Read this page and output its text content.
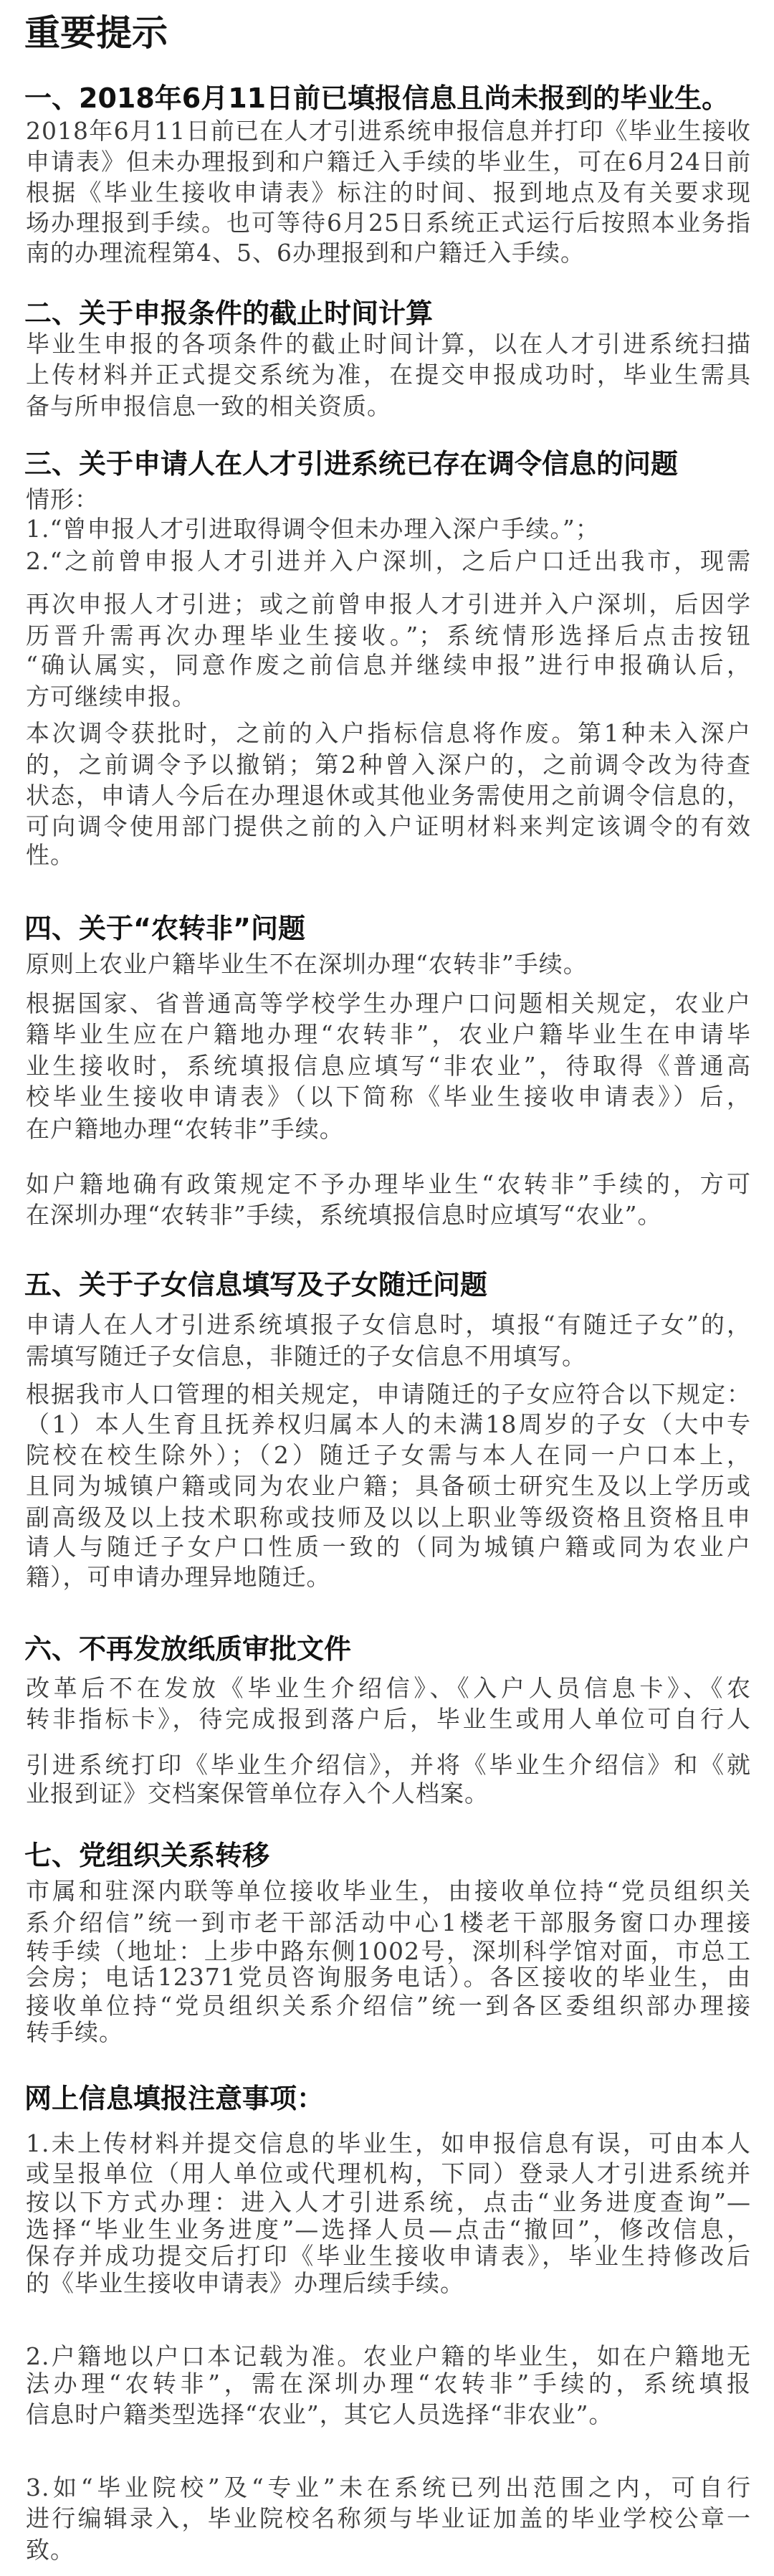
重要提示
一、2018年6月11日前已填报信息且尚未报到的毕业生。
2018年6月11日前已在人才引进系统申报信息并打印《毕业生接收
申请表》但未办理报到和户籍迁入手续的毕业生，可在6月24日前
根据《毕业生接收申请表》标注的时间、报到地点及有关要求现
场办理报到手续。也可等待6月25日系统正式运行后按照本业务指
南的办理流程第4、5、6办理报到和户籍迁入手续。
二、关于申报条件的截止时间计算
毕业生申报的各项条件的截止时间计算，以在人才引进系统扫描
上传材料并正式提交系统为准，在提交申报成功时，毕业生需具
备与所申报信息一致的相关资质。
三、关于申请人在人才引进系统已存在调令信息的问题
情形：
1.“曾申报人才引进取得调令但未办理入深户手续。”；
2.“之前曾申报人才引进并入户深圳，之后户口迁出我市，现需
再次申报人才引进；或之前曾申报人才引进并入户深圳，后因学
历晋升需再次办理毕业生接收。”；系统情形选择后点击按钮
“确认属实，同意作废之前信息并继续申报”进行申报确认后，
方可继续申报。
本次调令获批时，之前的入户指标信息将作废。第1种未入深户
的，之前调令予以撤销；第2种曾入深户的，之前调令改为待查
状态，申请人今后在办理退休或其他业务需使用之前调令信息的，
可向调令使用部门提供之前的入户证明材料来判定该调令的有效
性。
四、关于“农转非”问题
原则上农业户籍毕业生不在深圳办理“农转非”手续。
根据国家、省普通高等学校学生办理户口问题相关规定，农业户
籍毕业生应在户籍地办理“农转非”，农业户籍毕业生在申请毕
业生接收时，系统填报信息应填写“非农业”，待取得《普通高
校毕业生接收申请表》（以下简称《毕业生接收申请表》）后，
在户籍地办理“农转非”手续。
如户籍地确有政策规定不予办理毕业生“农转非”手续的，方可
在深圳办理“农转非”手续，系统填报信息时应填写“农业”。
五、关于子女信息填写及子女随迁问题
申请人在人才引进系统填报子女信息时，填报“有随迁子女”的，
需填写随迁子女信息，非随迁的子女信息不用填写。
根据我市人口管理的相关规定，申请随迁的子女应符合以下规定：
（1）本人生育且抚养权归属本人的未满18周岁的子女（大中专
院校在校生除外）；（2）随迁子女需与本人在同一户口本上，
且同为城镇户籍或同为农业户籍；具备硕士研究生及以上学历或
副高级及以上技术职称或技师及以以上职业等级资格且资格且申
请人与随迁子女户口性质一致的（同为城镇户籍或同为农业户
籍），可申请办理异地随迁。
六、不再发放纸质审批文件
改革后不在发放《毕业生介绍信》、《入户人员信息卡》、《农
转非指标卡》，待完成报到落户后，毕业生或用人单位可自行人
引进系统打印《毕业生介绍信》，并将《毕业生介绍信》和《就
业报到证》交档案保管单位存入个人档案。
七、党组织关系转移
市属和驻深内联等单位接收毕业生，由接收单位持“党员组织关
系介绍信”统一到市老干部活动中心1楼老干部服务窗口办理接
转手续（地址：上步中路东侧1002号，深圳科学馆对面，市总工
会房；电话12371党员咨询服务电话）。各区接收的毕业生，由
接收单位持“党员组织关系介绍信”统一到各区委组织部办理接
转手续。
网上信息填报注意事项：
1.未上传材料并提交信息的毕业生，如申报信息有误，可由本人
或呈报单位（用人单位或代理机构，下同）登录人才引进系统并
按以下方式办理：进入人才引进系统，点击“业务进度查询”—
选择“毕业生业务进度”—选择人员—点击“撤回”，修改信息，
保存并成功提交后打印《毕业生接收申请表》，毕业生持修改后
的《毕业生接收申请表》办理后续手续。
2.户籍地以户口本记载为准。农业户籍的毕业生，如在户籍地无
法办理“农转非”，需在深圳办理“农转非”手续的，系统填报
信息时户籍类型选择“农业”，其它人员选择“非农业”。
3.如“毕业院校”及“专业”未在系统已列出范围之内，可自行
进行编辑录入，毕业院校名称须与毕业证加盖的毕业学校公章一
致。
